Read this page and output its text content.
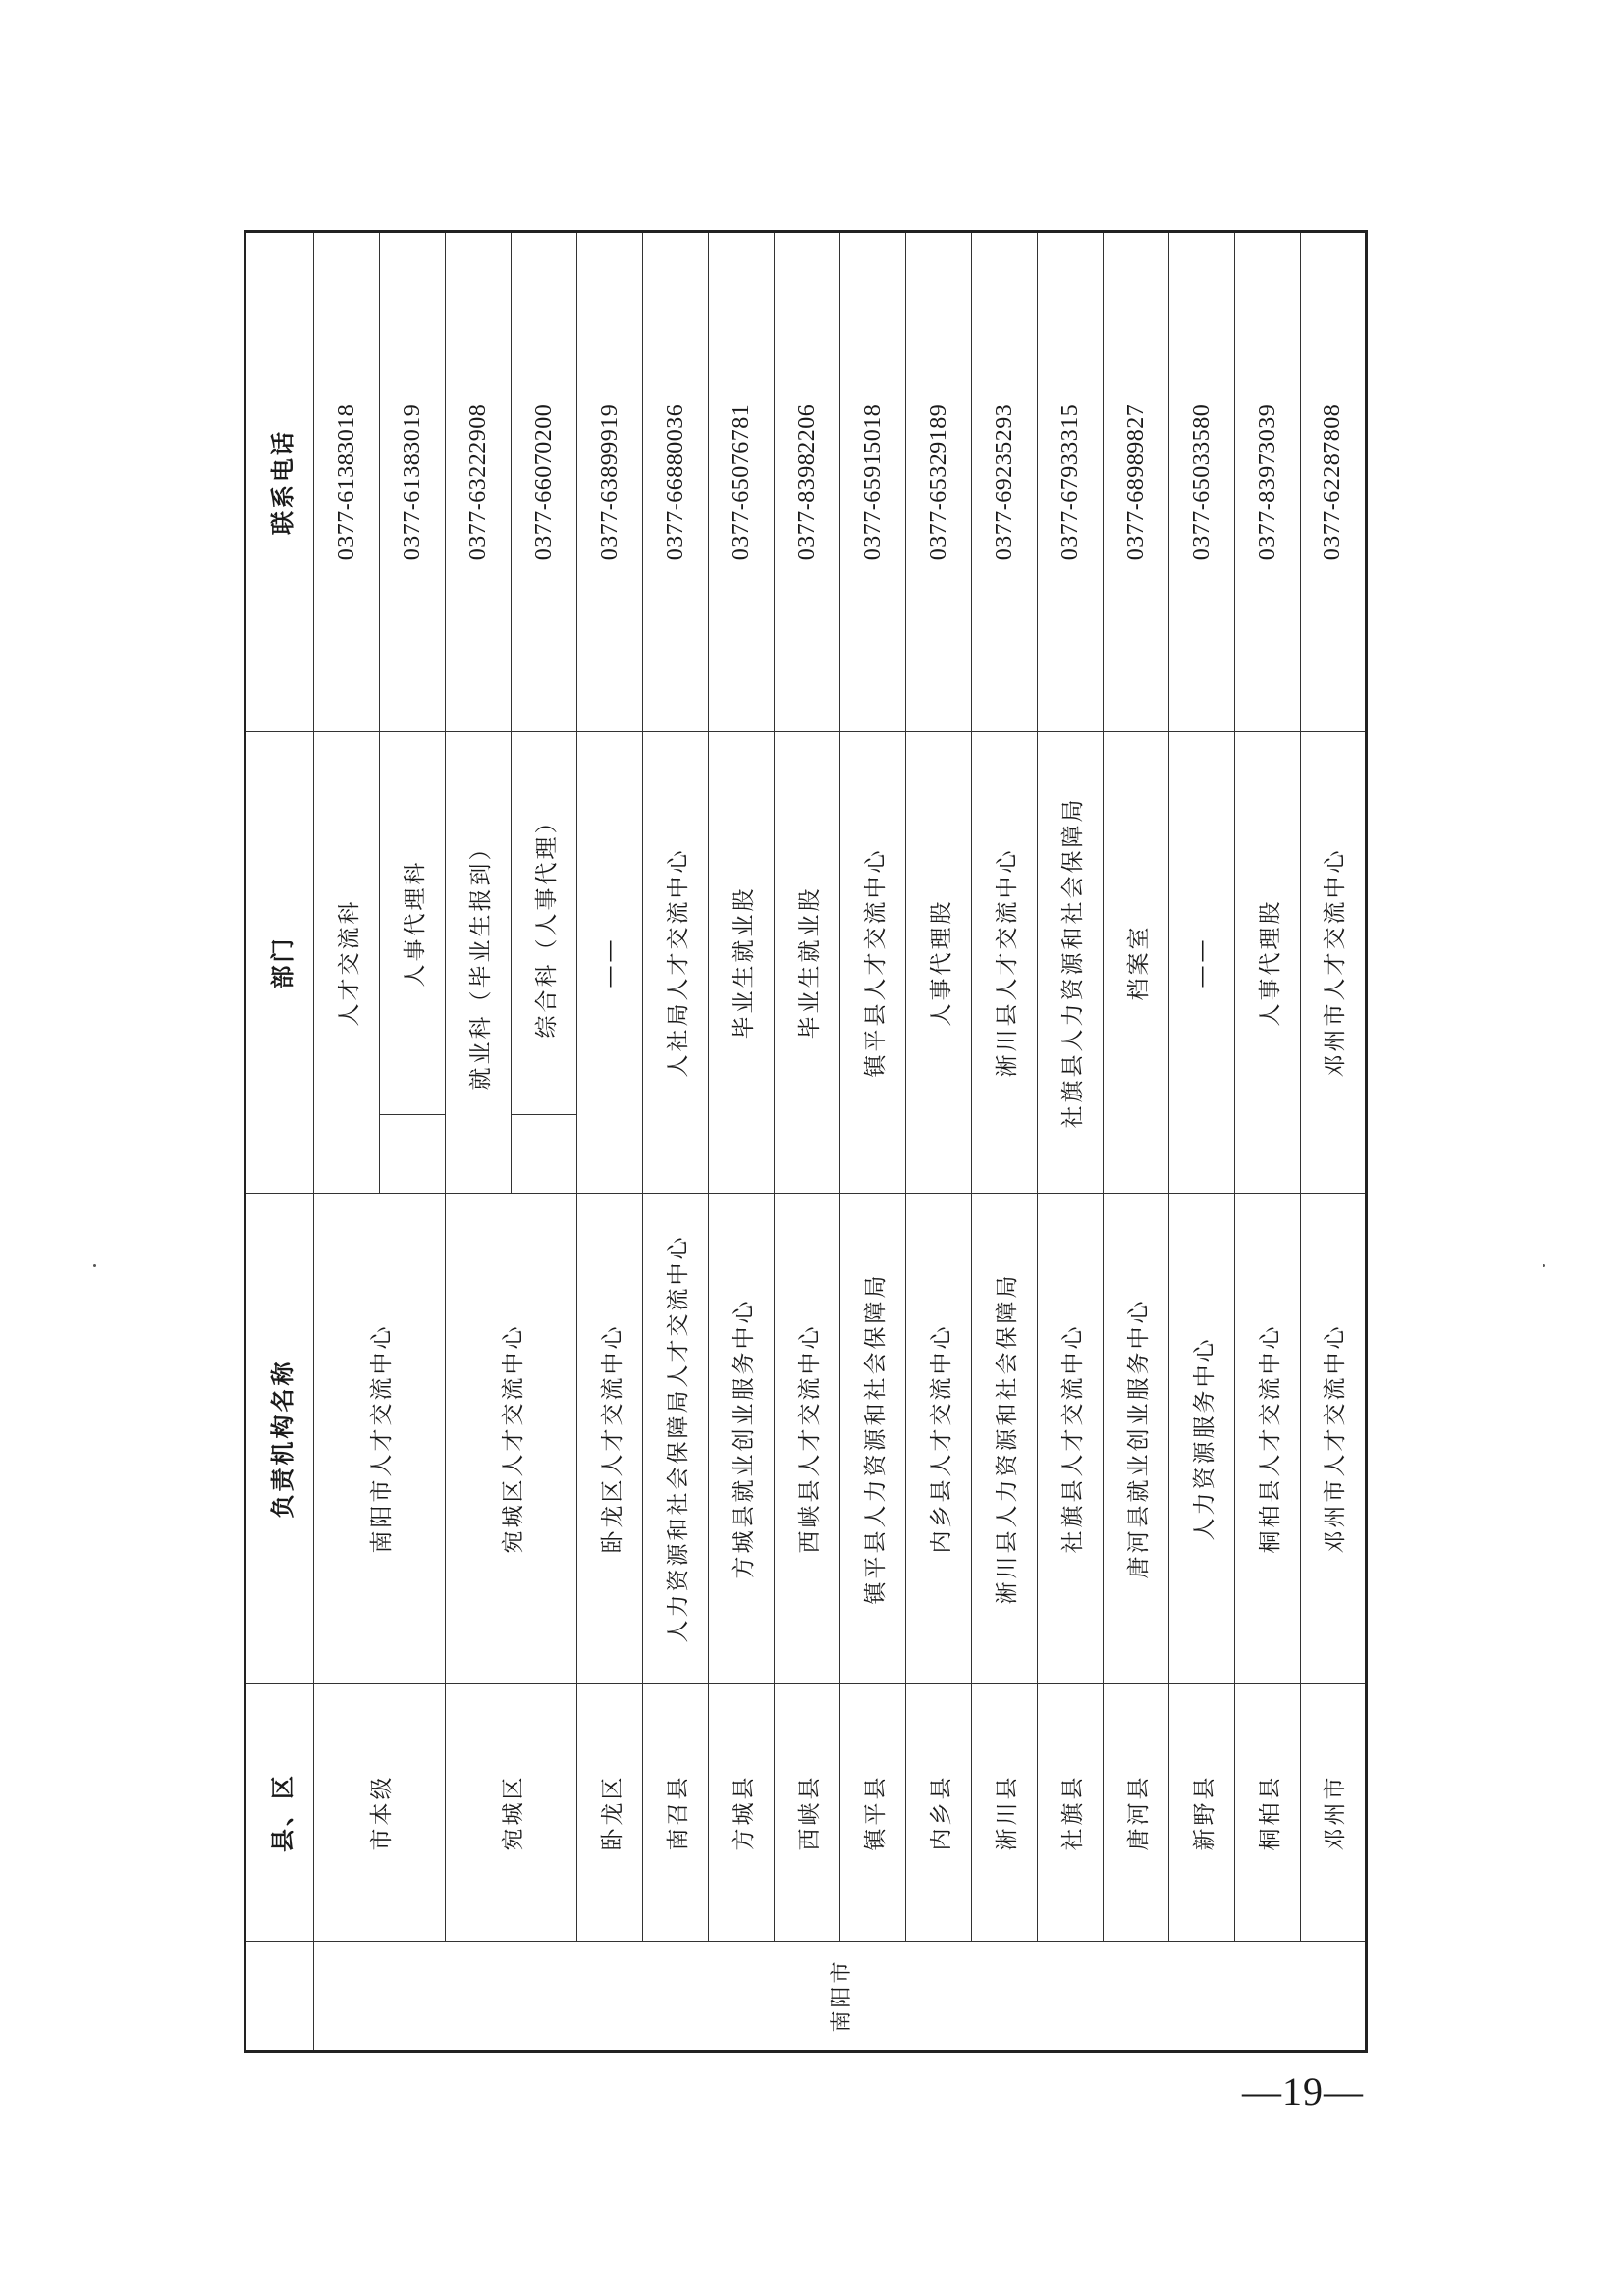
	县、区	负责机构名称	部门		联系电话
南阳市	市本级	南阳市人才交流中心	人才交流科		0377-61383018
				人事代理科	0377-61383019
	宛城区	宛城区人才交流中心	就业科（毕业生报到）		0377-63222908
				综合科（人事代理）	0377-66070200
	卧龙区	卧龙区人才交流中心	——		0377-63899919
	南召县	人力资源和社会保障局人才交流中心	人社局人才交流中心		0377-66880036
	方城县	方城县就业创业服务中心	毕业生就业股		0377-65076781
	西峡县	西峡县人才交流中心	毕业生就业股		0377-83982206
	镇平县	镇平县人力资源和社会保障局	镇平县人才交流中心		0377-65915018
	内乡县	内乡县人才交流中心	人事代理股		0377-65329189
	淅川县	淅川县人力资源和社会保障局	淅川县人才交流中心		0377-69235293
	社旗县	社旗县人才交流中心	社旗县人力资源和社会保障局		0377-67933315
	唐河县	唐河县就业创业服务中心	档案室		0377-68989827
	新野县	人力资源服务中心	——		0377-65033580
	桐柏县	桐柏县人才交流中心	人事代理股		0377-83973039
	邓州市	邓州市人才交流中心	邓州市人才交流中心		0377-62287808
—19—
